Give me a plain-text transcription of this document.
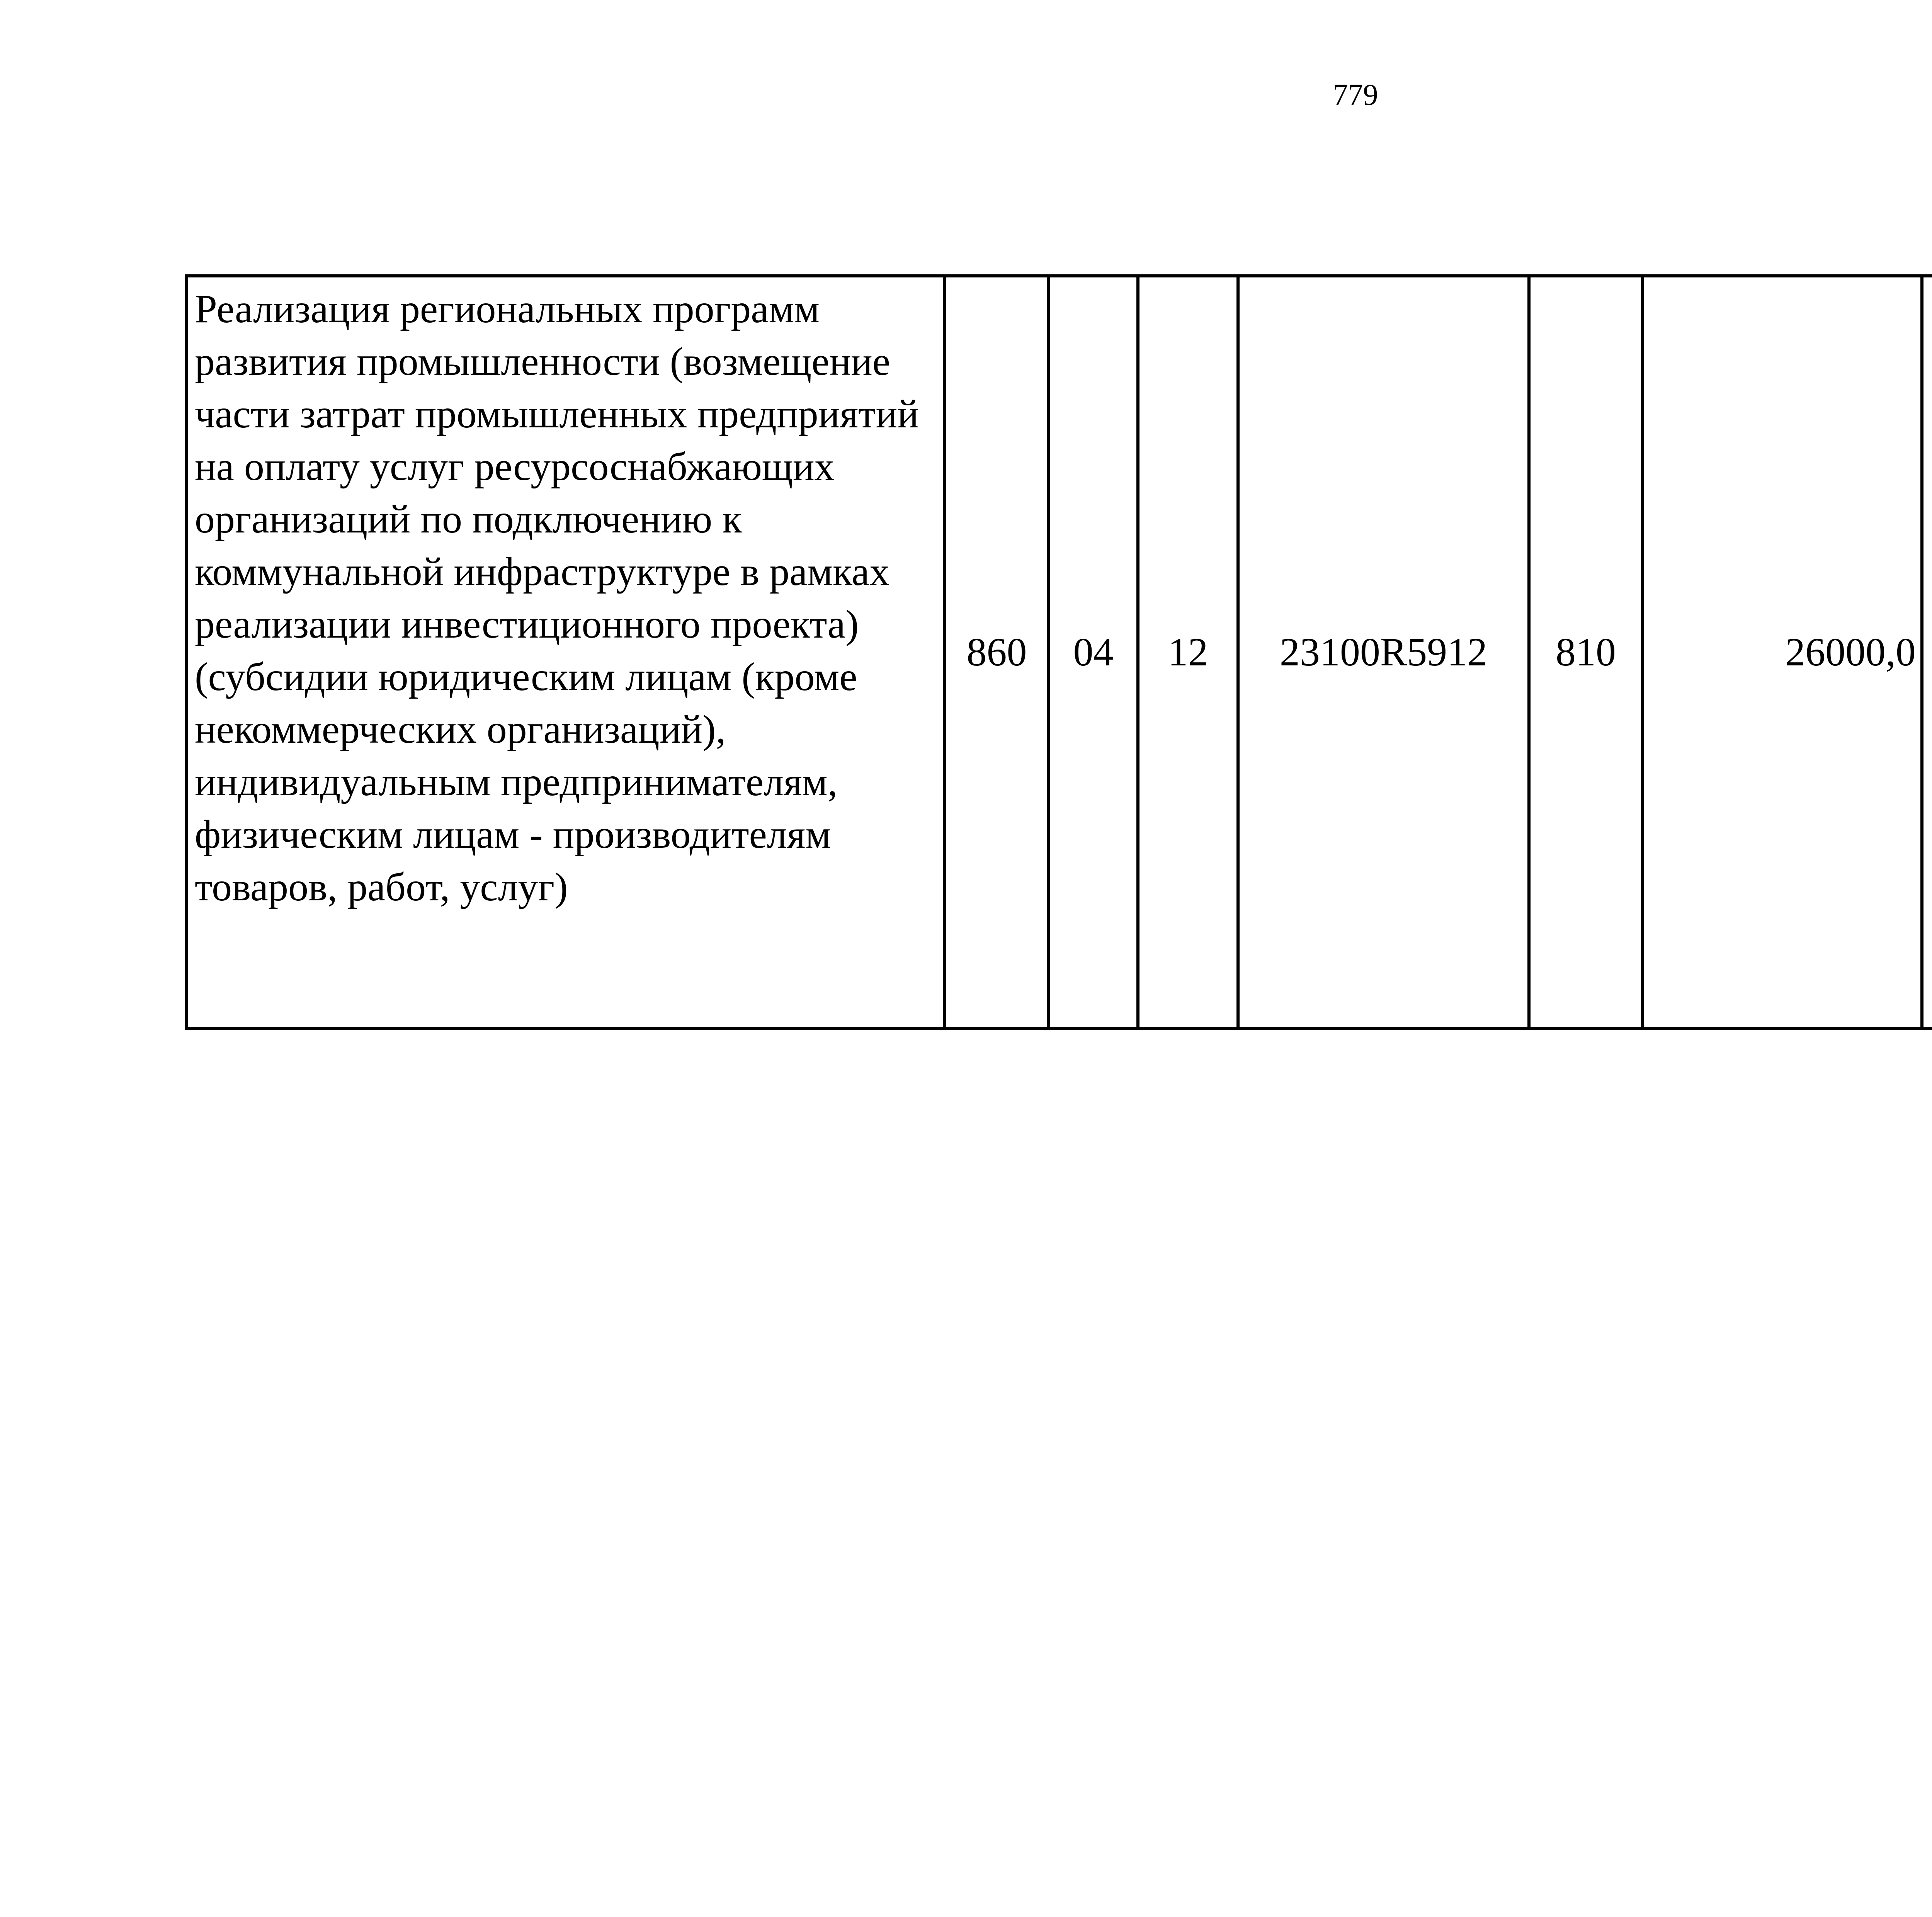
779
Реализация региональных программ развития промышленности (возмещение части затрат промышленных предприятий на оплату услуг ресурсоснабжающих организаций по подключению к коммунальной инфраструктуре в рамках реализации инвестиционного проекта) (субсидии юридическим лицам (кроме некоммерческих организаций), индивидуальным предпринимателям, физическим лицам - производителям товаров, работ, услуг)	860	04	12	23100R5912	810	26000,0		
